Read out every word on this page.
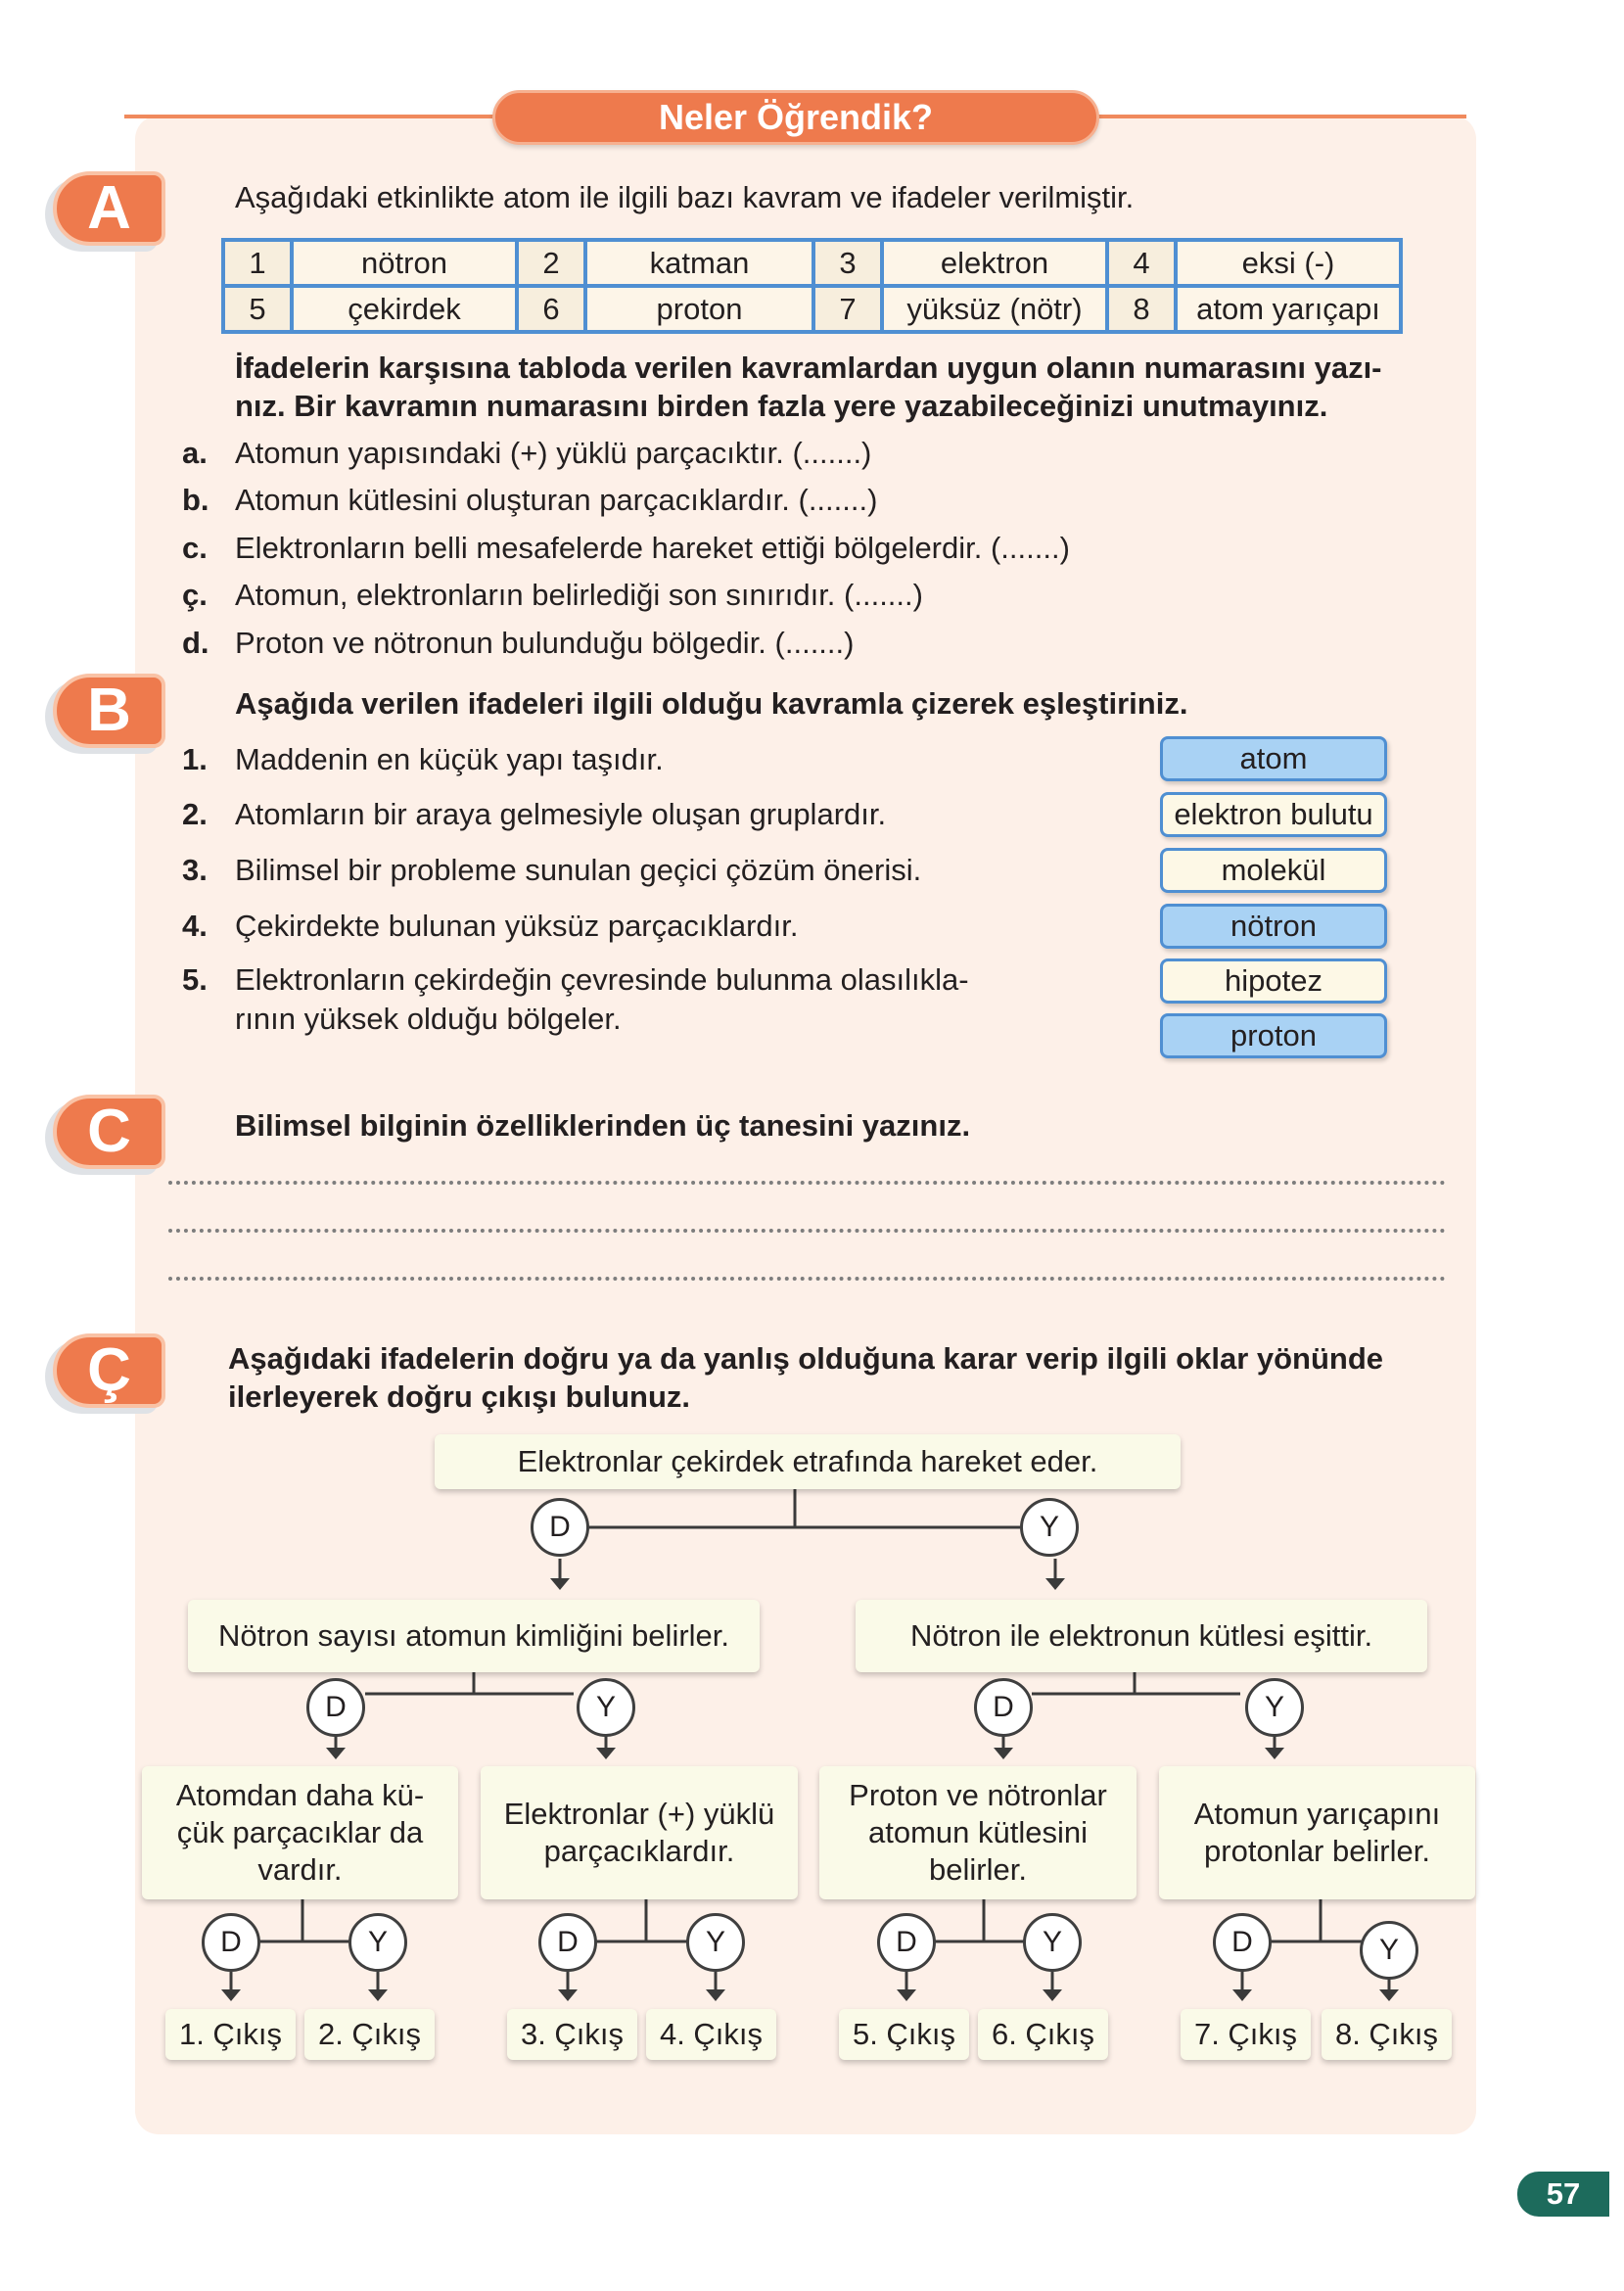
Neler Öğrendik?
A	Aşağıdaki etkinlikte atom ile ilgili bazı kavram ve ifadeler verilmiştir.
1	nötron	2	katman	3	elektron	4	eksi (-)
5	çekirdek	6	proton	7	yüksüz (nötr)	8	atom yarıçapı
İfadelerin karşısına tabloda verilen kavramlardan uygun olanın numarasını yazı-
nız. Bir kavramın numarasını birden fazla yere yazabileceğinizi unutmayınız.
a. Atomun yapısındaki (+) yüklü parçacıktır. (.......)
b. Atomun kütlesini oluşturan parçacıklardır. (.......)
c. Elektronların belli mesafelerde hareket ettiği bölgelerdir. (.......)
ç. Atomun, elektronların belirlediği son sınırıdır. (.......)
d. Proton ve nötronun bulunduğu bölgedir. (.......)
B	Aşağıda verilen ifadeleri ilgili olduğu kavramla çizerek eşleştiriniz.
1. Maddenin en küçük yapı taşıdır.
2. Atomların bir araya gelmesiyle oluşan gruplardır.
3. Bilimsel bir probleme sunulan geçici çözüm önerisi.
4. Çekirdekte bulunan yüksüz parçacıklardır.
5. Elektronların çekirdeğin çevresinde bulunma olasılıkla-
rının yüksek olduğu bölgeler.
atom
elektron bulutu
molekül
nötron
hipotez
proton
C	Bilimsel bilginin özelliklerinden üç tanesini yazınız.
Ç	Aşağıdaki ifadelerin doğru ya da yanlış olduğuna karar verip ilgili oklar yönünde
ilerleyerek doğru çıkışı bulunuz.
Elektronlar çekirdek etrafında hareket eder.
D	Y
Nötron sayısı atomun kimliğini belirler.	Nötron ile elektronun kütlesi eşittir.
D	Y	D	Y
Atomdan daha kü-
çük parçacıklar da
vardır.
Elektronlar (+) yüklü
parçacıklardır.
Proton ve nötronlar
atomun kütlesini
belirler.
Atomun yarıçapını
protonlar belirler.
D	Y	D	Y	D	Y	D	Y
1. Çıkış	2. Çıkış	3. Çıkış	4. Çıkış	5. Çıkış	6. Çıkış	7. Çıkış	8. Çıkış
57
